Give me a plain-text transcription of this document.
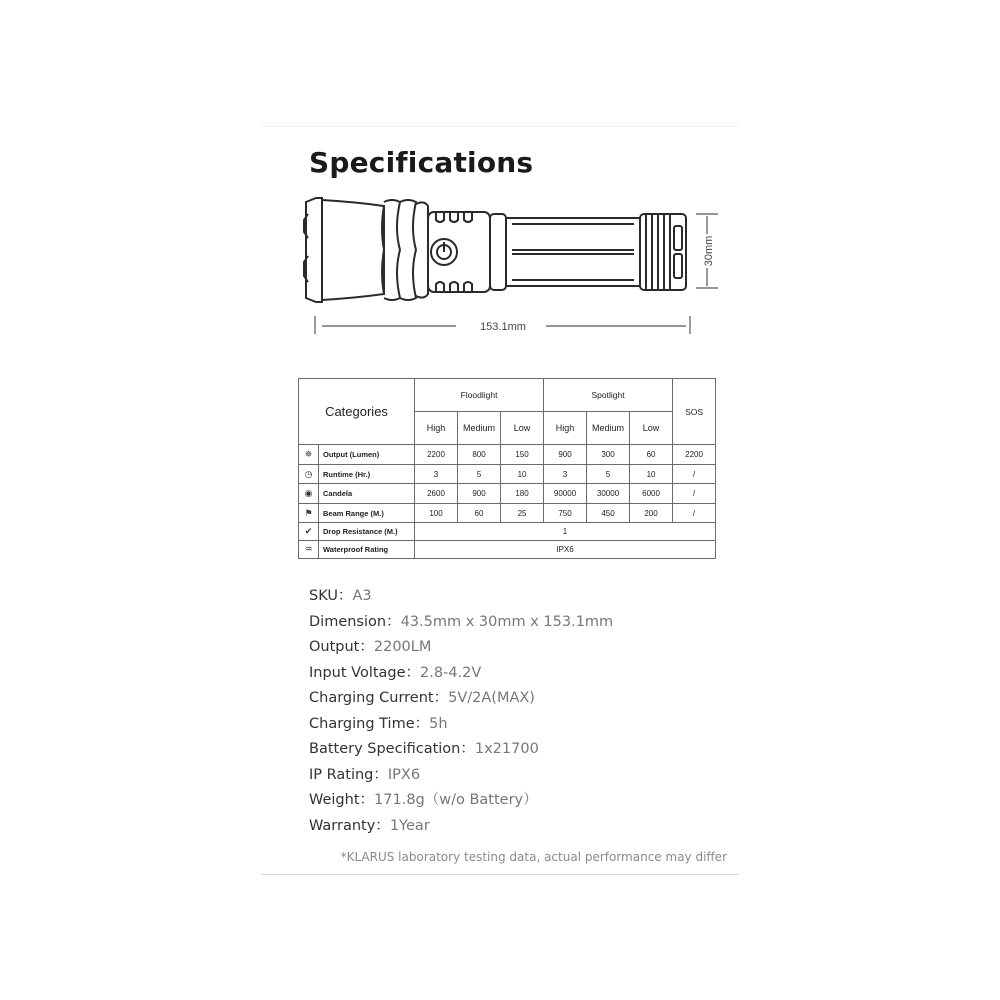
Specifications
153.1mm
30mm
Categories		Floodlight			Spotlight			SOS
		High	Medium	Low	High	Medium	Low	
✵	Output (Lumen)	2200	800	150	900	300	60	2200
◷	Runtime (Hr.)	3	5	10	3	5	10	/
◉	Candela	2600	900	180	90000	30000	6000	/
⚑	Beam Range (M.)	100	60	25	750	450	200	/
✔	Drop Resistance (M.)	1						
♒	Waterproof Rating	IPX6						
SKU：A3
Dimension：43.5mm x 30mm x 153.1mm
Output：2200LM
Input Voltage：2.8-4.2V
Charging Current：5V/2A(MAX)
Charging Time：5h
Battery Specification：1x21700
IP Rating：IPX6
Weight：171.8g（w/o Battery）
Warranty：1Year
*KLARUS laboratory testing data, actual performance may differ
